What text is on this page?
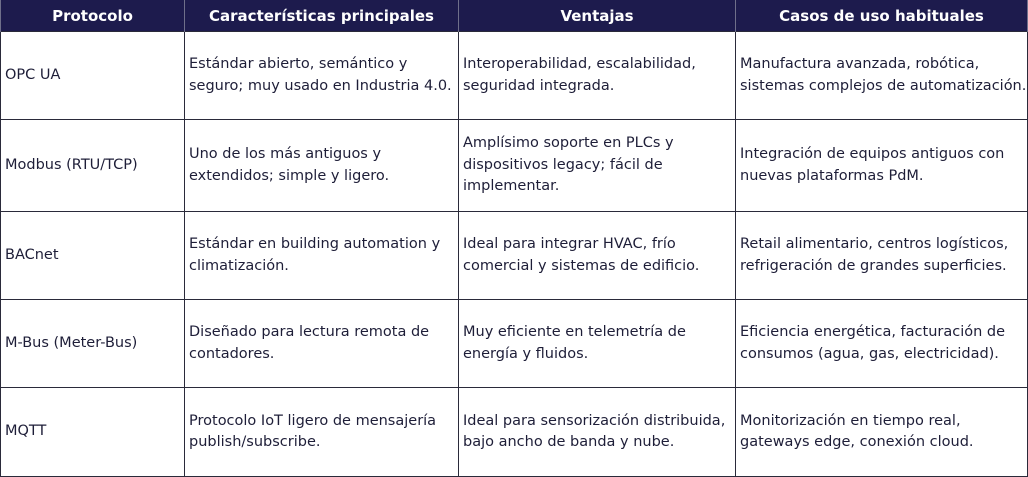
Protocolo	Características principales	Ventajas	Casos de uso habituales
OPC UA	Estándar abierto, semántico y seguro; muy usado en Industria 4.0.	Interoperabilidad, escalabilidad, seguridad integrada.	Manufactura avanzada, robótica, sistemas complejos de automatización.
Modbus (RTU/TCP)	Uno de los más antiguos y extendidos; simple y ligero.	Amplísimo soporte en PLCs y dispositivos legacy; fácil de implementar.	Integración de equipos antiguos con nuevas plataformas PdM.
BACnet	Estándar en building automation y climatización.	Ideal para integrar HVAC, frío comercial y sistemas de edificio.	Retail alimentario, centros logísticos, refrigeración de grandes superficies.
M-Bus (Meter-Bus)	Diseñado para lectura remota de contadores.	Muy eficiente en telemetría de energía y fluidos.	Eficiencia energética, facturación de consumos (agua, gas, electricidad).
MQTT	Protocolo IoT ligero de mensajería publish/subscribe.	Ideal para sensorización distribuida, bajo ancho de banda y nube.	Monitorización en tiempo real, gateways edge, conexión cloud.
